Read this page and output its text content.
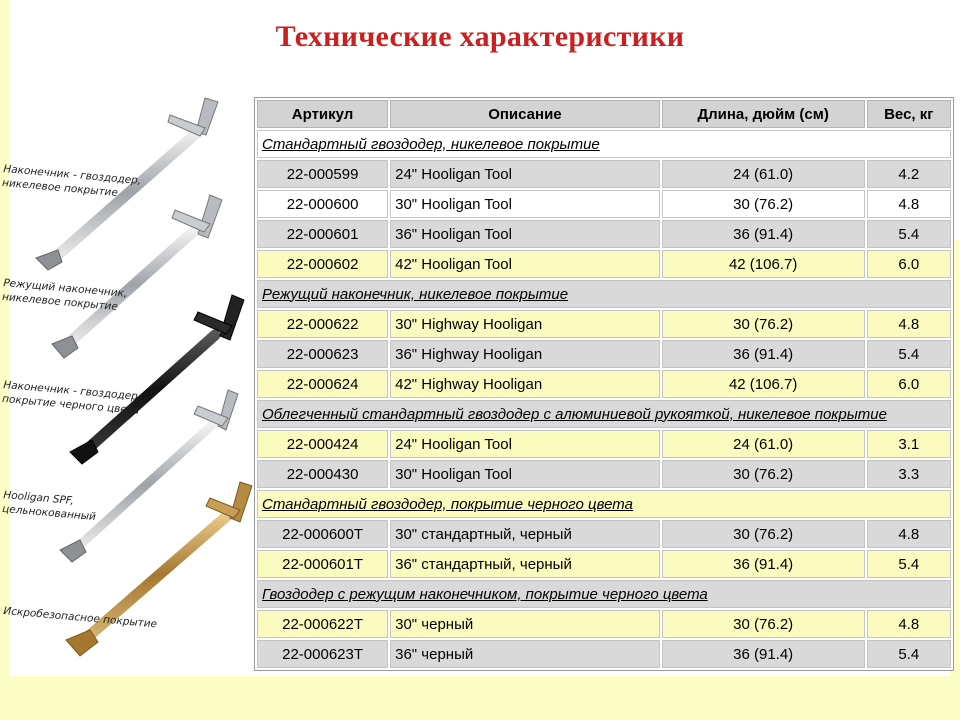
Технические характеристики
Наконечник - гвоздодер, никелевое покрытие
Режущий наконечник, никелевое покрытие
Наконечник - гвоздодер, покрытие черного цвета
Hooligan SPF, цельнокованный
Искробезопасное покрытие
Артикул	Описание	Длина, дюйм (см)	Вес, кг
Стандартный гвоздодер, никелевое покрытие			
22-000599	24" Hooligan Tool	24 (61.0)	4.2
22-000600	30" Hooligan Tool	30 (76.2)	4.8
22-000601	36" Hooligan Tool	36 (91.4)	5.4
22-000602	42" Hooligan Tool	42 (106.7)	6.0
Режущий наконечник, никелевое покрытие			
22-000622	30" Highway Hooligan	30 (76.2)	4.8
22-000623	36" Highway Hooligan	36 (91.4)	5.4
22-000624	42" Highway Hooligan	42 (106.7)	6.0
Облегченный стандартный гвоздодер с алюминиевой рукояткой, никелевое покрытие			
22-000424	24" Hooligan Tool	24 (61.0)	3.1
22-000430	30" Hooligan Tool	30 (76.2)	3.3
Стандартный гвоздодер, покрытие черного цвета			
22-000600T	30" стандартный, черный	30 (76.2)	4.8
22-000601T	36" стандартный, черный	36 (91.4)	5.4
Гвоздодер с режущим наконечником, покрытие черного цвета			
22-000622T	30" черный	30 (76.2)	4.8
22-000623T	36" черный	36 (91.4)	5.4
